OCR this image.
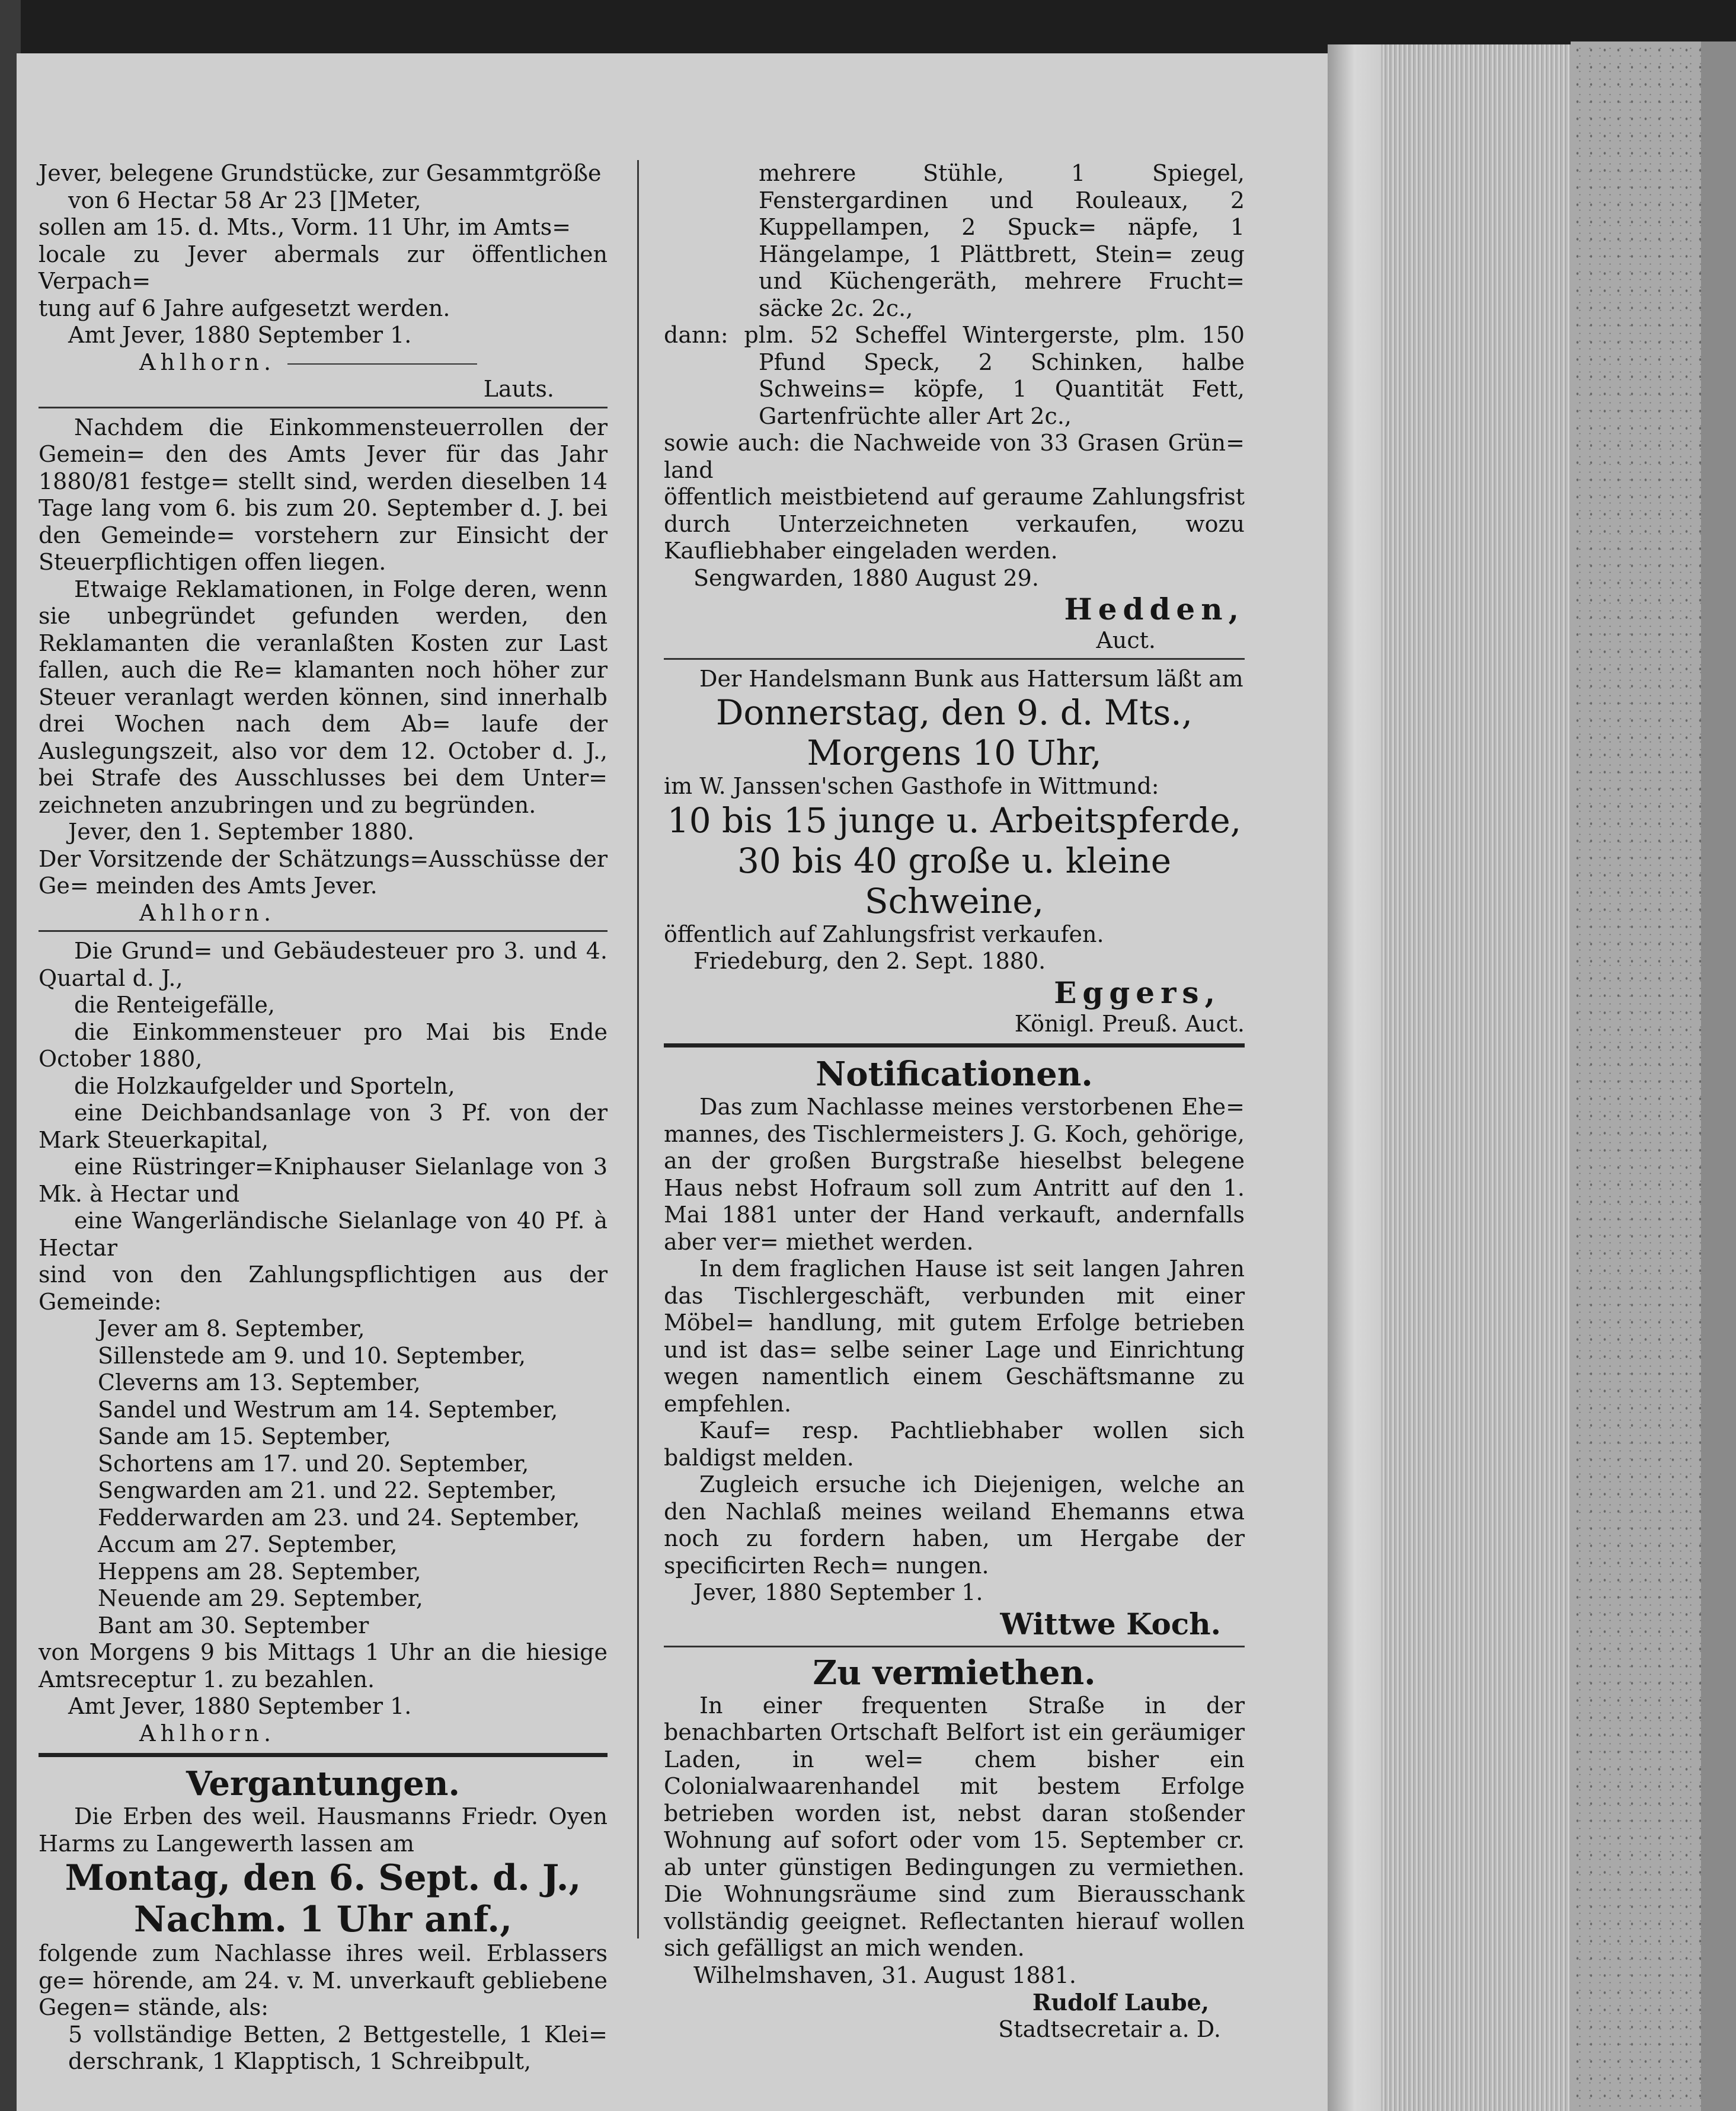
Jever, belegene Grundstücke, zur Gesammtgröße

von 6 Hectar 58 Ar 23 []Meter,

sollen am 15. d. Mts., Vorm. 11 Uhr, im Amts=

locale zu Jever abermals zur öffentlichen Verpach=

tung auf 6 Jahre aufgesetzt werden.

Amt Jever, 1880 September 1.

Ahlhorn.

Lauts.

Nachdem die Einkommensteuerrollen der Gemein= den des Amts Jever für das Jahr 1880/81 festge= stellt sind, werden dieselben 14 Tage lang vom 6. bis zum 20. September d. J. bei den Gemeinde= vorstehern zur Einsicht der Steuerpflichtigen offen liegen.

Etwaige Reklamationen, in Folge deren, wenn sie unbegründet gefunden werden, den Reklamanten die veranlaßten Kosten zur Last fallen, auch die Re= klamanten noch höher zur Steuer veranlagt werden können, sind innerhalb drei Wochen nach dem Ab= laufe der Auslegungszeit, also vor dem 12. October d. J., bei Strafe des Ausschlusses bei dem Unter= zeichneten anzubringen und zu begründen.

Jever, den 1. September 1880.

Der Vorsitzende der Schätzungs=Ausschüsse der Ge= meinden des Amts Jever.

Ahlhorn.

Die Grund= und Gebäudesteuer pro 3. und 4. Quartal d. J.,

die Renteigefälle,

die Einkommensteuer pro Mai bis Ende October 1880,

die Holzkaufgelder und Sporteln,

eine Deichbandsanlage von 3 Pf. von der Mark Steuerkapital,

eine Rüstringer=Kniphauser Sielanlage von 3 Mk. à Hectar und

eine Wangerländische Sielanlage von 40 Pf. à Hectar

sind von den Zahlungspflichtigen aus der Gemeinde:

Jever am 8. September,

Sillenstede am 9. und 10. September,

Cleverns am 13. September,

Sandel und Westrum am 14. September,

Sande am 15. September,

Schortens am 17. und 20. September,

Sengwarden am 21. und 22. September,

Fedderwarden am 23. und 24. September,

Accum am 27. September,

Heppens am 28. September,

Neuende am 29. September,

Bant am 30. September

von Morgens 9 bis Mittags 1 Uhr an die hiesige Amtsreceptur 1. zu bezahlen.

Amt Jever, 1880 September 1.

Ahlhorn.

Vergantungen.

Die Erben des weil. Hausmanns Friedr. Oyen Harms zu Langewerth lassen am

Montag, den 6. Sept. d. J.,

Nachm. 1 Uhr anf.,

folgende zum Nachlasse ihres weil. Erblassers ge= hörende, am 24. v. M. unverkauft gebliebene Gegen= stände, als:

5 vollständige Betten, 2 Bettgestelle, 1 Klei= derschrank, 1 Klapptisch, 1 Schreibpult,

mehrere Stühle, 1 Spiegel, Fenstergardinen und Rouleaux, 2 Kuppellampen, 2 Spuck= näpfe, 1 Hängelampe, 1 Plättbrett, Stein= zeug und Küchengeräth, mehrere Frucht= säcke 2c. 2c.,

dann: plm. 52 Scheffel Wintergerste, plm. 150 Pfund Speck, 2 Schinken, halbe Schweins= köpfe, 1 Quantität Fett, Gartenfrüchte aller Art 2c.,

sowie auch: die Nachweide von 33 Grasen Grün= land

öffentlich meistbietend auf geraume Zahlungsfrist durch Unterzeichneten verkaufen, wozu Kaufliebhaber eingeladen werden.

Sengwarden, 1880 August 29.

Hedden,

Auct.

Der Handelsmann Bunk aus Hattersum läßt am

Donnerstag, den 9. d. Mts.,

Morgens 10 Uhr,

im W. Janssen'schen Gasthofe in Wittmund:

10 bis 15 junge u. Arbeitspferde,

30 bis 40 große u. kleine Schweine,

öffentlich auf Zahlungsfrist verkaufen.

Friedeburg, den 2. Sept. 1880.

Eggers,

Königl. Preuß. Auct.

Notificationen.

Das zum Nachlasse meines verstorbenen Ehe= mannes, des Tischlermeisters J. G. Koch, gehörige, an der großen Burgstraße hieselbst belegene Haus nebst Hofraum soll zum Antritt auf den 1. Mai 1881 unter der Hand verkauft, andernfalls aber ver= miethet werden.

In dem fraglichen Hause ist seit langen Jahren das Tischlergeschäft, verbunden mit einer Möbel= handlung, mit gutem Erfolge betrieben und ist das= selbe seiner Lage und Einrichtung wegen namentlich einem Geschäftsmanne zu empfehlen.

Kauf= resp. Pachtliebhaber wollen sich baldigst melden.

Zugleich ersuche ich Diejenigen, welche an den Nachlaß meines weiland Ehemanns etwa noch zu fordern haben, um Hergabe der specificirten Rech= nungen.

Jever, 1880 September 1.

Wittwe Koch.

Zu vermiethen.

In einer frequenten Straße in der benachbarten Ortschaft Belfort ist ein geräumiger Laden, in wel= chem bisher ein Colonialwaarenhandel mit bestem Erfolge betrieben worden ist, nebst daran stoßender Wohnung auf sofort oder vom 15. September cr. ab unter günstigen Bedingungen zu vermiethen. Die Wohnungsräume sind zum Bierausschank vollständig geeignet. Reflectanten hierauf wollen sich gefälligst an mich wenden.

Wilhelmshaven, 31. August 1881.

Rudolf Laube,

Stadtsecretair a. D.
